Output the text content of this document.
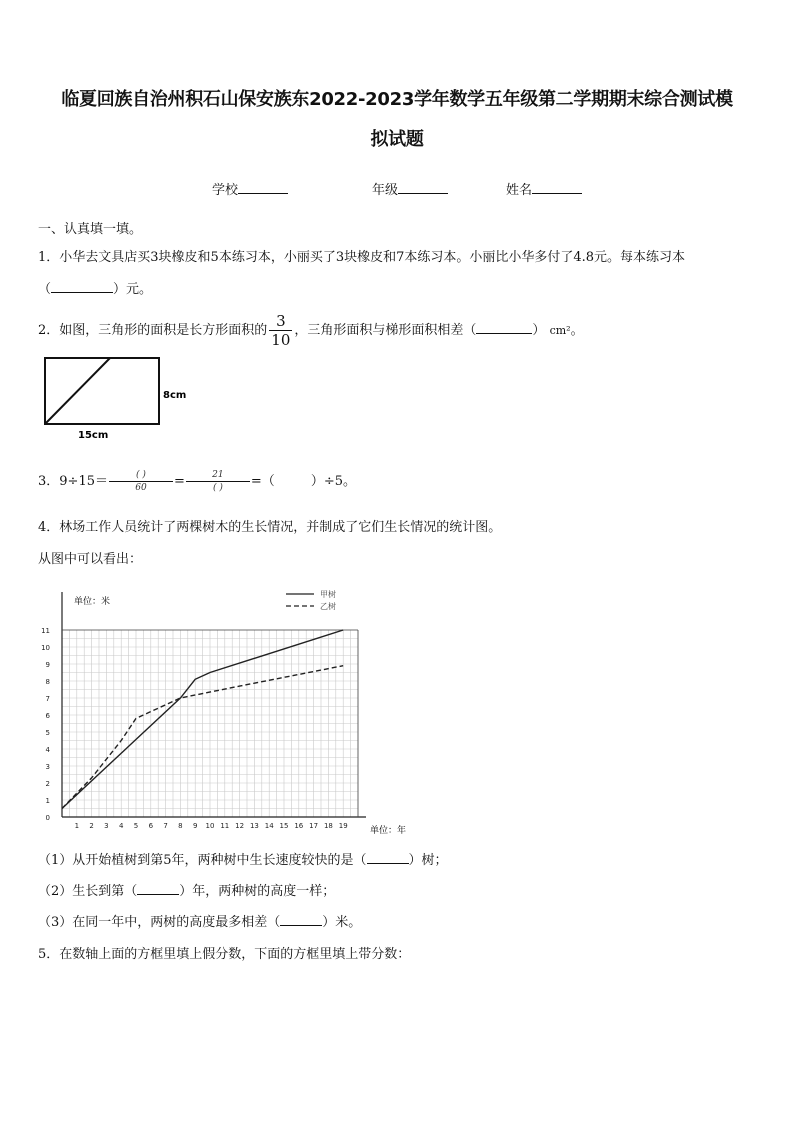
临夏回族自治州积石山保安族东2022-2023学年数学五年级第二学期期末综合测试模
拟试题
学校	年级	姓名
一、认真填一填。
1．小华去文具店买3块橡皮和5本练习本，小丽买了3块橡皮和7本练习本。小丽比小华多付了4.8元。每本练习本
（	）元。
2．如图，三角形的面积是长方形面积的 $\frac{3}{10}$ ，三角形面积与梯形面积相差（	） cm²。
8cm
15cm
3．$9\div 15= \frac{( )}{60} = \frac{21}{( )}$ =（	）÷5。
4．林场工作人员统计了两棵树木的生长情况，并制成了它们生长情况的统计图。
从图中可以看出：
0
1
2
3
4
5
6
7
8
9
10
11
1 2 3 4 5 6 7 8 9 10 11 12 13 14 15 16 17 18 19
单位：米
单位：年
甲树
乙树
（1）从开始植树到第5年，两种树中生长速度较快的是（	）树；
（2）生长到第（	）年，两种树的高度一样；
（3）在同一年中，两树的高度最多相差（	）米。
5．在数轴上面的方框里填上假分数，下面的方框里填上带分数：
